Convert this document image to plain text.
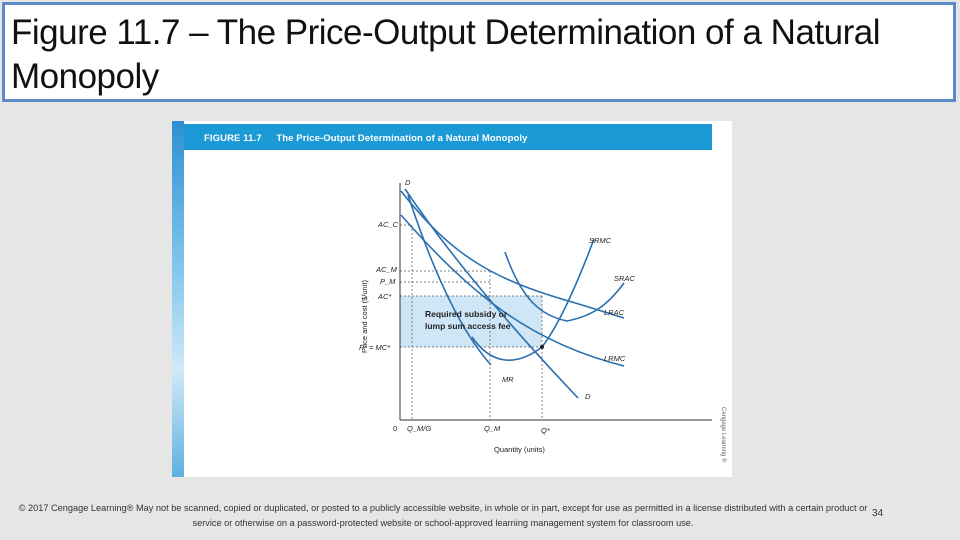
Figure 11.7 – The Price-Output Determination of a Natural Monopoly
FIGURE 11.7 The Price-Output Determination of a Natural Monopoly
Cengage Learning ®
Price and cost ($/unit)
Quantity (units)
0
AC_C
AC_M
P_M
AC*
P* = MC*
Q_M/G	Q_M	Q*
D
D
SRMC
SRAC
LRAC
LRMC
MR
Required subsidy or
lump sum access fee

© 2017 Cengage Learning® May not be scanned, copied or duplicated, or posted to a publicly accessible website, in whole or in part, except for use as permitted in a license distributed with a certain product or service or otherwise on a password-protected website or school-approved learning management system for classroom use.

34
